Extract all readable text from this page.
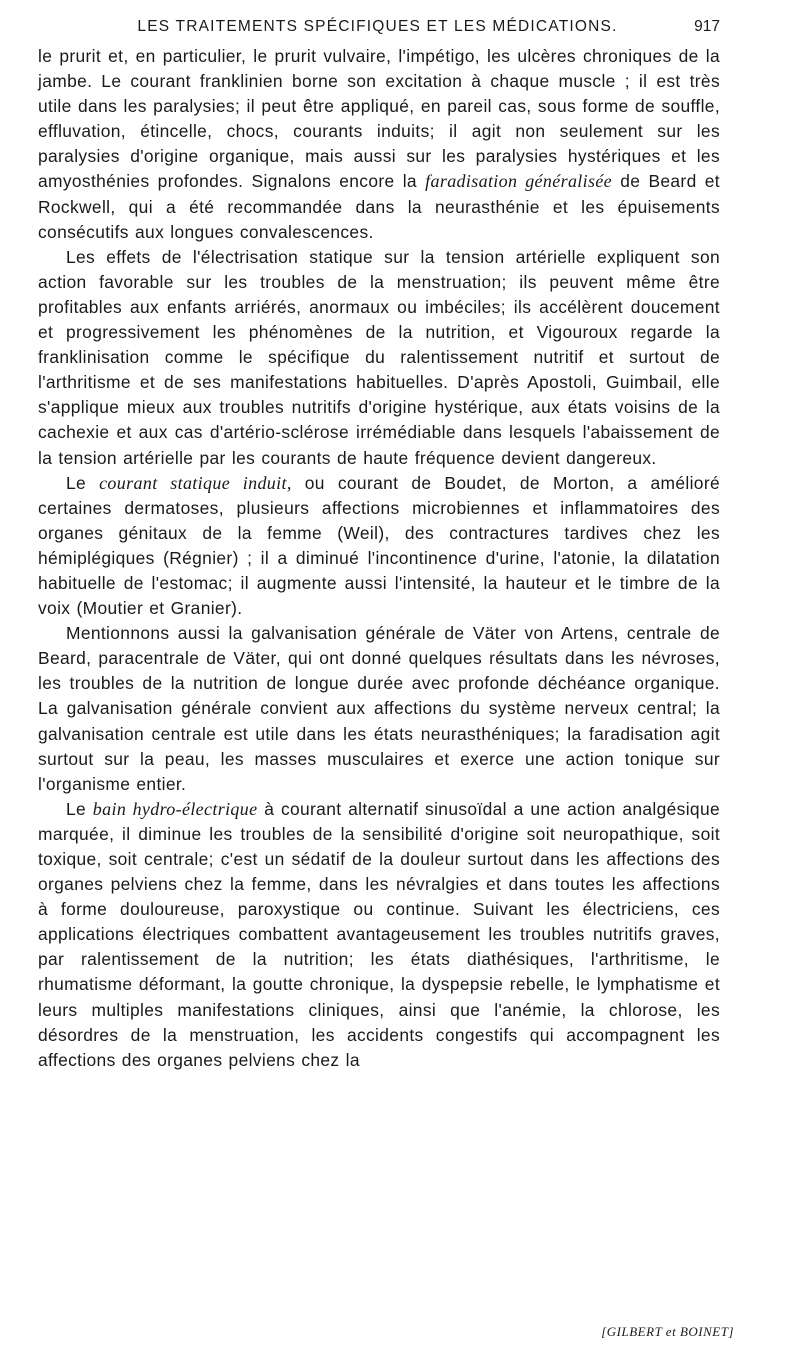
LES TRAITEMENTS SPÉCIFIQUES ET LES MÉDICATIONS.	917

le prurit et, en particulier, le prurit vulvaire, l'impétigo, les ulcères chroniques de la jambe. Le courant franklinien borne son excitation à chaque muscle ; il est très utile dans les paralysies; il peut être appliqué, en pareil cas, sous forme de souffle, effluvation, étincelle, chocs, courants induits; il agit non seulement sur les paralysies d'origine organique, mais aussi sur les paralysies hystériques et les amyosthénies profondes. Signalons encore la faradisation généralisée de Beard et Rockwell, qui a été recommandée dans la neurasthénie et les épuisements consécutifs aux longues convalescences.

Les effets de l'électrisation statique sur la tension artérielle expliquent son action favorable sur les troubles de la menstruation; ils peuvent même être profitables aux enfants arriérés, anormaux ou imbéciles; ils accélèrent doucement et progressivement les phénomènes de la nutrition, et Vigouroux regarde la franklinisation comme le spécifique du ralentissement nutritif et surtout de l'arthritisme et de ses manifestations habituelles. D'après Apostoli, Guimbail, elle s'applique mieux aux troubles nutritifs d'origine hystérique, aux états voisins de la cachexie et aux cas d'artério-sclérose irrémédiable dans lesquels l'abaissement de la tension artérielle par les courants de haute fréquence devient dangereux.

Le courant statique induit, ou courant de Boudet, de Morton, a amélioré certaines dermatoses, plusieurs affections microbiennes et inflammatoires des organes génitaux de la femme (Weil), des contractures tardives chez les hémiplégiques (Régnier) ; il a diminué l'incontinence d'urine, l'atonie, la dilatation habituelle de l'estomac; il augmente aussi l'intensité, la hauteur et le timbre de la voix (Moutier et Granier).

Mentionnons aussi la galvanisation générale de Väter von Artens, centrale de Beard, paracentrale de Väter, qui ont donné quelques résultats dans les névroses, les troubles de la nutrition de longue durée avec profonde déchéance organique. La galvanisation générale convient aux affections du système nerveux central; la galvanisation centrale est utile dans les états neurasthéniques; la faradisation agit surtout sur la peau, les masses musculaires et exerce une action tonique sur l'organisme entier.

Le bain hydro-électrique à courant alternatif sinusoïdal a une action analgésique marquée, il diminue les troubles de la sensibilité d'origine soit neuropathique, soit toxique, soit centrale; c'est un sédatif de la douleur surtout dans les affections des organes pelviens chez la femme, dans les névralgies et dans toutes les affections à forme douloureuse, paroxystique ou continue. Suivant les électriciens, ces applications électriques combattent avantageusement les troubles nutritifs graves, par ralentissement de la nutrition; les états diathésiques, l'arthritisme, le rhumatisme déformant, la goutte chronique, la dyspepsie rebelle, le lymphatisme et leurs multiples manifestations cliniques, ainsi que l'anémie, la chlorose, les désordres de la menstruation, les accidents congestifs qui accompagnent les affections des organes pelviens chez la

[GILBERT et BOINET]
